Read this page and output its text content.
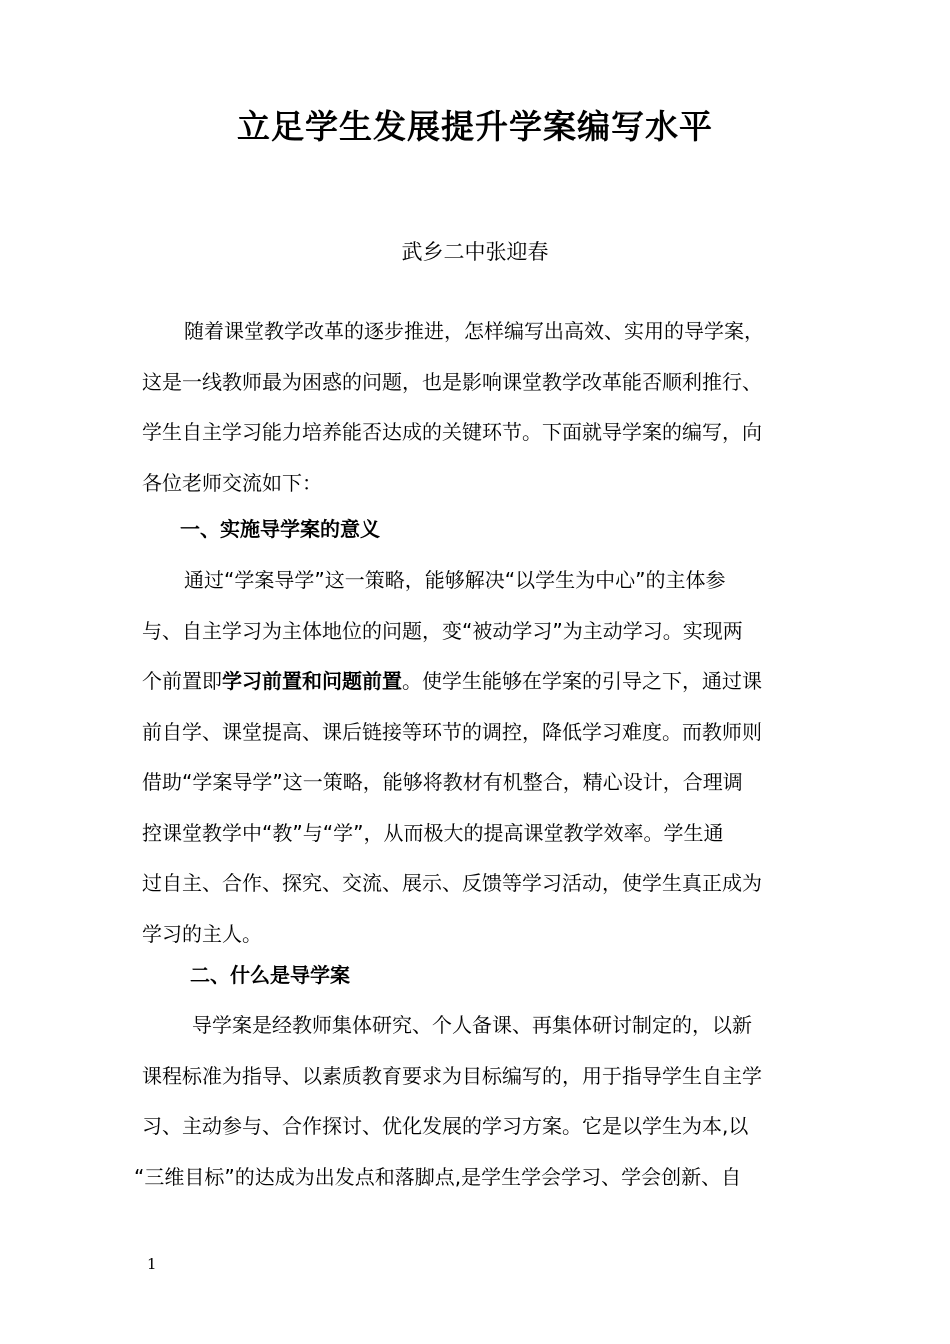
立足学生发展提升学案编写水平
武乡二中张迎春
随着课堂教学改革的逐步推进，怎样编写出高效、实用的导学案，
这是一线教师最为困惑的问题，也是影响课堂教学改革能否顺利推行、
学生自主学习能力培养能否达成的关键环节。下面就导学案的编写，向
各位老师交流如下：
一、实施导学案的意义
通过“学案导学”这一策略，能够解决“以学生为中心”的主体参
与、自主学习为主体地位的问题，变“被动学习”为主动学习。实现两
个前置即学习前置和问题前置。使学生能够在学案的引导之下，通过课
前自学、课堂提高、课后链接等环节的调控，降低学习难度。而教师则
借助“学案导学”这一策略，能够将教材有机整合，精心设计，合理调
控课堂教学中“教”与“学”，从而极大的提高课堂教学效率。学生通
过自主、合作、探究、交流、展示、反馈等学习活动，使学生真正成为
学习的主人。
二、什么是导学案
导学案是经教师集体研究、个人备课、再集体研讨制定的，以新
课程标准为指导、以素质教育要求为目标编写的，用于指导学生自主学
习、主动参与、合作探讨、优化发展的学习方案。它是以学生为本,以
“三维目标”的达成为出发点和落脚点,是学生学会学习、学会创新、自
1
